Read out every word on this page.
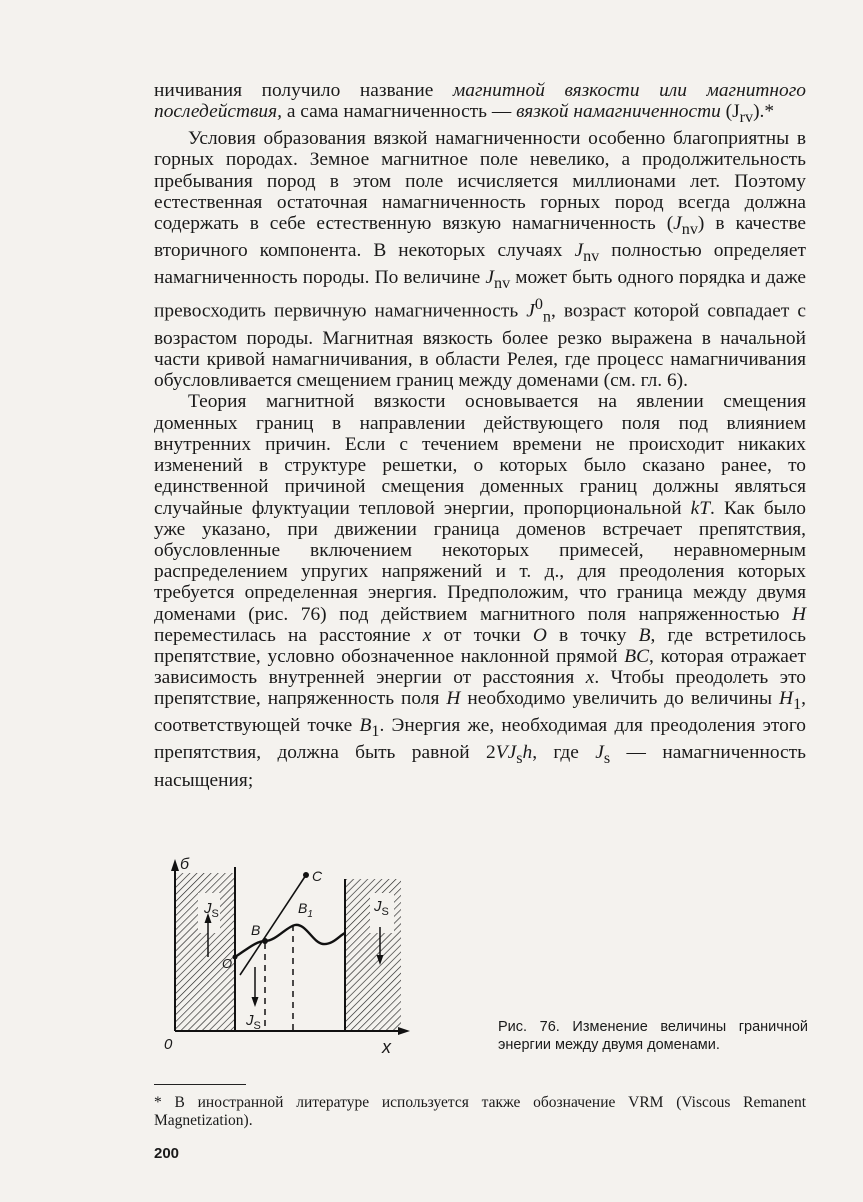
ничивания получило название магнитной вязкости или магнитного последействия, а сама намагниченность — вязкой намагниченности $(J_{rv}).*$

Условия образования вязкой намагниченности особенно благоприятны в горных породах. Земное магнитное поле невелико, а продолжительность пребывания пород в этом поле исчисляется миллионами лет. Поэтому естественная остаточная намагниченность горных пород всегда должна содержать в себе естественную вязкую намагниченность $(J_{nv})$ в качестве вторичного компонента. В некоторых случаях $J_{nv}$ полностью определяет намагниченность породы. По величине $J_{nv}$ может быть одного порядка и даже превосходить первичную намагниченность $J^0_n$, возраст которой совпадает с возрастом породы. Магнитная вязкость более резко выражена в начальной части кривой намагничивания, в области Релея, где процесс намагничивания обусловливается смещением границ между доменами (см. гл. 6).

Теория магнитной вязкости основывается на явлении смещения доменных границ в направлении действующего поля под влиянием внутренних причин. Если с течением времени не происходит никаких изменений в структуре решетки, о которых было сказано ранее, то единственной причиной смещения доменных границ должны являться случайные флуктуации тепловой энергии, пропорциональной kT. Как было уже указано, при движении граница доменов встречает препятствия, обусловленные включением некоторых примесей, неравномерным распределением упругих напряжений и т. д., для преодоления которых требуется определенная энергия. Предположим, что граница между двумя доменами (рис. 76) под действием магнитного поля напряженностью H переместилась на расстояние x от точки O в точку B, где встретилось препятствие, условно обозначенное наклонной прямой BC, которая отражает зависимость внутренней энергии от расстояния x. Чтобы преодолеть это препятствие, напряженность поля H необходимо увеличить до величины $H_1$, соответствующей точке $B_1$. Энергия же, необходимая для преодоления этого препятствия, должна быть равной $2VJ_sh$, где $J_s$ — намагниченность насыщения;

б
x
0
O
B
$B_1$
C
$J_S$	$J_S$
$J_S$	Рис. 76. Изменение величины граничной энергии между двумя доменами.
* В иностранной литературе используется также обозначение VRM (Viscous Remanent Magnetization).
200
